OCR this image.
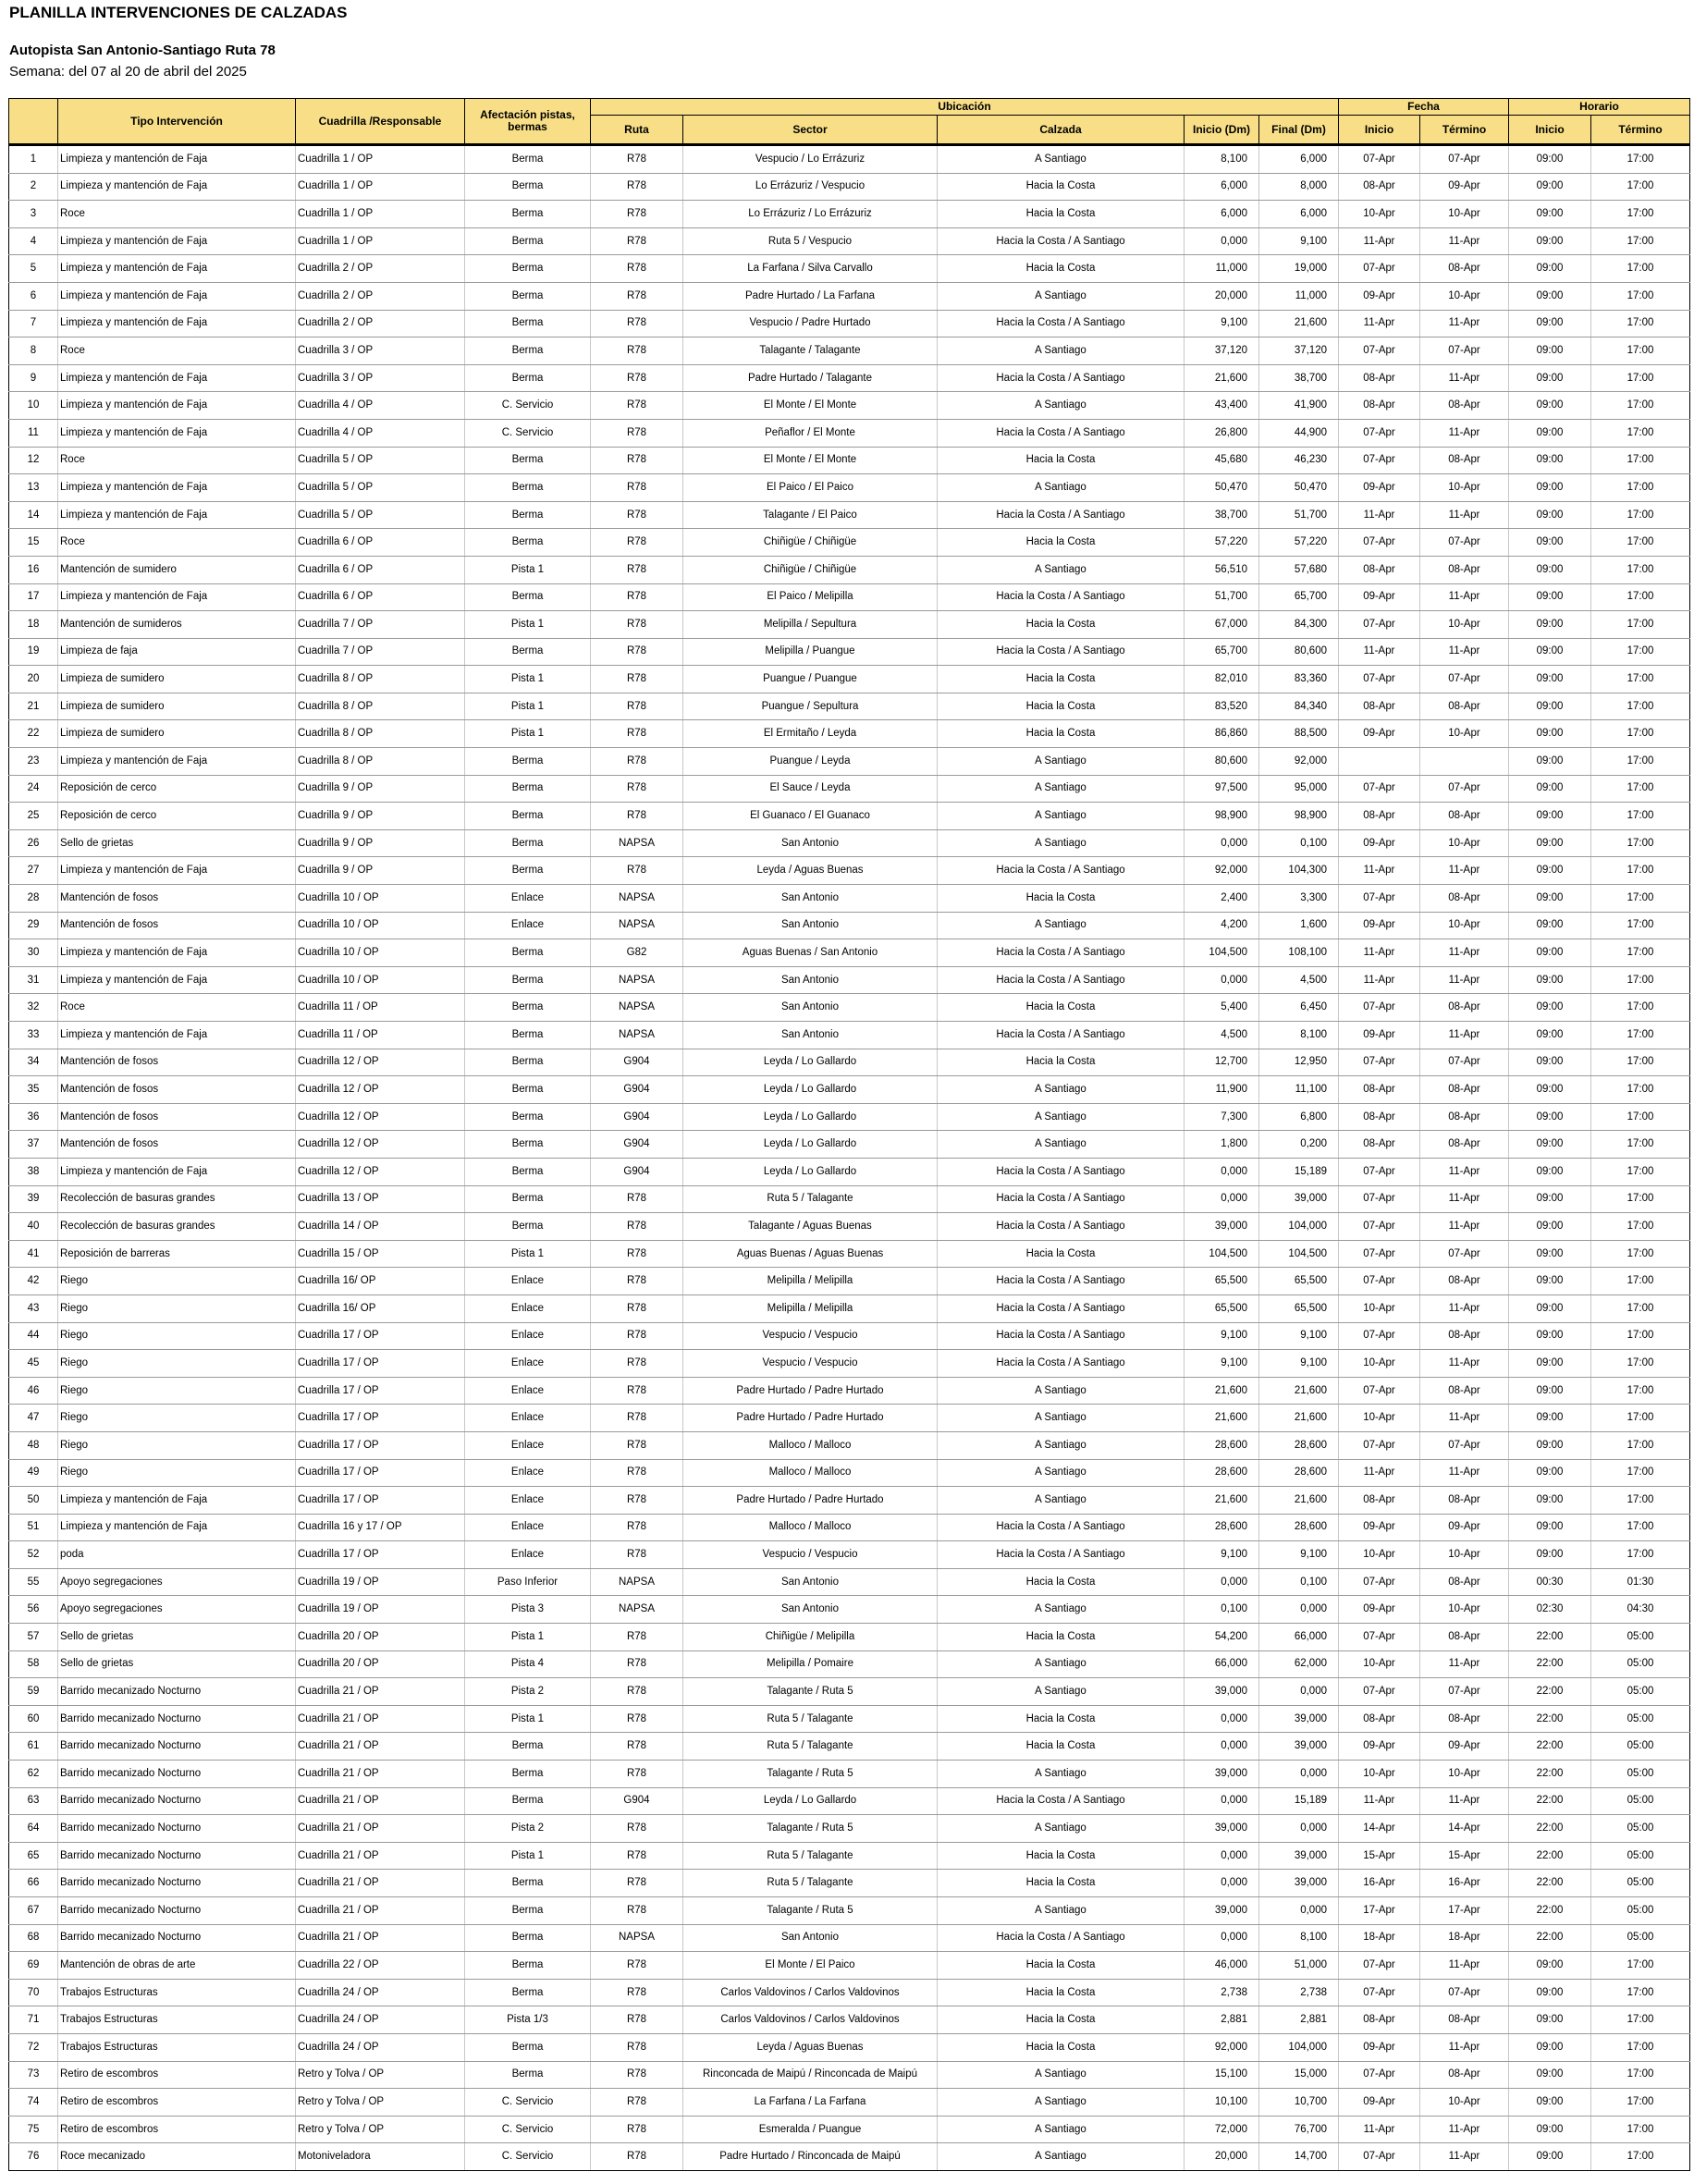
PLANILLA INTERVENCIONES DE CALZADAS
Autopista San Antonio-Santiago Ruta 78
Semana: del 07 al 20 de abril del 2025
	Tipo Intervención	Cuadrilla /Responsable	Afectación pistas, bermas	Ubicación					Fecha		Horario	
				Ruta	Sector	Calzada	Inicio (Dm)	Final (Dm)	Inicio	Término	Inicio	Término
1	Limpieza y mantención de Faja	Cuadrilla 1 / OP	Berma	R78	Vespucio / Lo Errázuriz	A Santiago	8,100	6,000	07-Apr	07-Apr	09:00	17:00
2	Limpieza y mantención de Faja	Cuadrilla 1 / OP	Berma	R78	Lo Errázuriz / Vespucio	Hacia la Costa	6,000	8,000	08-Apr	09-Apr	09:00	17:00
3	Roce	Cuadrilla 1 / OP	Berma	R78	Lo Errázuriz / Lo Errázuriz	Hacia la Costa	6,000	6,000	10-Apr	10-Apr	09:00	17:00
4	Limpieza y mantención de Faja	Cuadrilla 1 / OP	Berma	R78	Ruta 5 / Vespucio	Hacia la Costa / A Santiago	0,000	9,100	11-Apr	11-Apr	09:00	17:00
5	Limpieza y mantención de Faja	Cuadrilla 2 / OP	Berma	R78	La Farfana / Silva Carvallo	Hacia la Costa	11,000	19,000	07-Apr	08-Apr	09:00	17:00
6	Limpieza y mantención de Faja	Cuadrilla 2 / OP	Berma	R78	Padre Hurtado / La Farfana	A Santiago	20,000	11,000	09-Apr	10-Apr	09:00	17:00
7	Limpieza y mantención de Faja	Cuadrilla 2 / OP	Berma	R78	Vespucio / Padre Hurtado	Hacia la Costa / A Santiago	9,100	21,600	11-Apr	11-Apr	09:00	17:00
8	Roce	Cuadrilla 3 / OP	Berma	R78	Talagante / Talagante	A Santiago	37,120	37,120	07-Apr	07-Apr	09:00	17:00
9	Limpieza y mantención de Faja	Cuadrilla 3 / OP	Berma	R78	Padre Hurtado / Talagante	Hacia la Costa / A Santiago	21,600	38,700	08-Apr	11-Apr	09:00	17:00
10	Limpieza y mantención de Faja	Cuadrilla 4 / OP	C. Servicio	R78	El Monte / El Monte	A Santiago	43,400	41,900	08-Apr	08-Apr	09:00	17:00
11	Limpieza y mantención de Faja	Cuadrilla 4 / OP	C. Servicio	R78	Peñaflor / El Monte	Hacia la Costa / A Santiago	26,800	44,900	07-Apr	11-Apr	09:00	17:00
12	Roce	Cuadrilla 5 / OP	Berma	R78	El Monte / El Monte	Hacia la Costa	45,680	46,230	07-Apr	08-Apr	09:00	17:00
13	Limpieza y mantención de Faja	Cuadrilla 5 / OP	Berma	R78	El Paico / El Paico	A Santiago	50,470	50,470	09-Apr	10-Apr	09:00	17:00
14	Limpieza y mantención de Faja	Cuadrilla 5 / OP	Berma	R78	Talagante / El Paico	Hacia la Costa / A Santiago	38,700	51,700	11-Apr	11-Apr	09:00	17:00
15	Roce	Cuadrilla 6 / OP	Berma	R78	Chiñigüe / Chiñigüe	Hacia la Costa	57,220	57,220	07-Apr	07-Apr	09:00	17:00
16	Mantención de sumidero	Cuadrilla 6 / OP	Pista 1	R78	Chiñigüe / Chiñigüe	A Santiago	56,510	57,680	08-Apr	08-Apr	09:00	17:00
17	Limpieza y mantención de Faja	Cuadrilla 6 / OP	Berma	R78	El Paico / Melipilla	Hacia la Costa / A Santiago	51,700	65,700	09-Apr	11-Apr	09:00	17:00
18	Mantención de sumideros	Cuadrilla 7 / OP	Pista 1	R78	Melipilla / Sepultura	Hacia la Costa	67,000	84,300	07-Apr	10-Apr	09:00	17:00
19	Limpieza de faja	Cuadrilla 7 / OP	Berma	R78	Melipilla / Puangue	Hacia la Costa / A Santiago	65,700	80,600	11-Apr	11-Apr	09:00	17:00
20	Limpieza de sumidero	Cuadrilla 8 / OP	Pista 1	R78	Puangue / Puangue	Hacia la Costa	82,010	83,360	07-Apr	07-Apr	09:00	17:00
21	Limpieza de sumidero	Cuadrilla 8 / OP	Pista 1	R78	Puangue / Sepultura	Hacia la Costa	83,520	84,340	08-Apr	08-Apr	09:00	17:00
22	Limpieza de sumidero	Cuadrilla 8 / OP	Pista 1	R78	El Ermitaño / Leyda	Hacia la Costa	86,860	88,500	09-Apr	10-Apr	09:00	17:00
23	Limpieza y mantención de Faja	Cuadrilla 8 / OP	Berma	R78	Puangue / Leyda	A Santiago	80,600	92,000			09:00	17:00
24	Reposición de cerco	Cuadrilla 9 / OP	Berma	R78	El Sauce / Leyda	A Santiago	97,500	95,000	07-Apr	07-Apr	09:00	17:00
25	Reposición de cerco	Cuadrilla 9 / OP	Berma	R78	El Guanaco / El Guanaco	A Santiago	98,900	98,900	08-Apr	08-Apr	09:00	17:00
26	Sello de grietas	Cuadrilla 9 / OP	Berma	NAPSA	San Antonio	A Santiago	0,000	0,100	09-Apr	10-Apr	09:00	17:00
27	Limpieza y mantención de Faja	Cuadrilla 9 / OP	Berma	R78	Leyda / Aguas Buenas	Hacia la Costa / A Santiago	92,000	104,300	11-Apr	11-Apr	09:00	17:00
28	Mantención de fosos	Cuadrilla 10 / OP	Enlace	NAPSA	San Antonio	Hacia la Costa	2,400	3,300	07-Apr	08-Apr	09:00	17:00
29	Mantención de fosos	Cuadrilla 10 / OP	Enlace	NAPSA	San Antonio	A Santiago	4,200	1,600	09-Apr	10-Apr	09:00	17:00
30	Limpieza y mantención de Faja	Cuadrilla 10 / OP	Berma	G82	Aguas Buenas / San Antonio	Hacia la Costa / A Santiago	104,500	108,100	11-Apr	11-Apr	09:00	17:00
31	Limpieza y mantención de Faja	Cuadrilla 10 / OP	Berma	NAPSA	San Antonio	Hacia la Costa / A Santiago	0,000	4,500	11-Apr	11-Apr	09:00	17:00
32	Roce	Cuadrilla 11 / OP	Berma	NAPSA	San Antonio	Hacia la Costa	5,400	6,450	07-Apr	08-Apr	09:00	17:00
33	Limpieza y mantención de Faja	Cuadrilla 11 / OP	Berma	NAPSA	San Antonio	Hacia la Costa / A Santiago	4,500	8,100	09-Apr	11-Apr	09:00	17:00
34	Mantención de fosos	Cuadrilla 12 / OP	Berma	G904	Leyda / Lo Gallardo	Hacia la Costa	12,700	12,950	07-Apr	07-Apr	09:00	17:00
35	Mantención de fosos	Cuadrilla 12 / OP	Berma	G904	Leyda / Lo Gallardo	A Santiago	11,900	11,100	08-Apr	08-Apr	09:00	17:00
36	Mantención de fosos	Cuadrilla 12 / OP	Berma	G904	Leyda / Lo Gallardo	A Santiago	7,300	6,800	08-Apr	08-Apr	09:00	17:00
37	Mantención de fosos	Cuadrilla 12 / OP	Berma	G904	Leyda / Lo Gallardo	A Santiago	1,800	0,200	08-Apr	08-Apr	09:00	17:00
38	Limpieza y mantención de Faja	Cuadrilla 12 / OP	Berma	G904	Leyda / Lo Gallardo	Hacia la Costa / A Santiago	0,000	15,189	07-Apr	11-Apr	09:00	17:00
39	Recolección de basuras grandes	Cuadrilla 13 / OP	Berma	R78	Ruta 5 / Talagante	Hacia la Costa / A Santiago	0,000	39,000	07-Apr	11-Apr	09:00	17:00
40	Recolección de basuras grandes	Cuadrilla 14 / OP	Berma	R78	Talagante / Aguas Buenas	Hacia la Costa / A Santiago	39,000	104,000	07-Apr	11-Apr	09:00	17:00
41	Reposición de barreras	Cuadrilla 15 / OP	Pista 1	R78	Aguas Buenas / Aguas Buenas	Hacia la Costa	104,500	104,500	07-Apr	07-Apr	09:00	17:00
42	Riego	Cuadrilla 16/ OP	Enlace	R78	Melipilla / Melipilla	Hacia la Costa / A Santiago	65,500	65,500	07-Apr	08-Apr	09:00	17:00
43	Riego	Cuadrilla 16/ OP	Enlace	R78	Melipilla / Melipilla	Hacia la Costa / A Santiago	65,500	65,500	10-Apr	11-Apr	09:00	17:00
44	Riego	Cuadrilla 17 / OP	Enlace	R78	Vespucio / Vespucio	Hacia la Costa / A Santiago	9,100	9,100	07-Apr	08-Apr	09:00	17:00
45	Riego	Cuadrilla 17 / OP	Enlace	R78	Vespucio / Vespucio	Hacia la Costa / A Santiago	9,100	9,100	10-Apr	11-Apr	09:00	17:00
46	Riego	Cuadrilla 17 / OP	Enlace	R78	Padre Hurtado / Padre Hurtado	A Santiago	21,600	21,600	07-Apr	08-Apr	09:00	17:00
47	Riego	Cuadrilla 17 / OP	Enlace	R78	Padre Hurtado / Padre Hurtado	A Santiago	21,600	21,600	10-Apr	11-Apr	09:00	17:00
48	Riego	Cuadrilla 17 / OP	Enlace	R78	Malloco / Malloco	A Santiago	28,600	28,600	07-Apr	07-Apr	09:00	17:00
49	Riego	Cuadrilla 17 / OP	Enlace	R78	Malloco / Malloco	A Santiago	28,600	28,600	11-Apr	11-Apr	09:00	17:00
50	Limpieza y mantención de Faja	Cuadrilla 17 / OP	Enlace	R78	Padre Hurtado / Padre Hurtado	A Santiago	21,600	21,600	08-Apr	08-Apr	09:00	17:00
51	Limpieza y mantención de Faja	Cuadrilla 16 y 17 / OP	Enlace	R78	Malloco / Malloco	Hacia la Costa / A Santiago	28,600	28,600	09-Apr	09-Apr	09:00	17:00
52	poda	Cuadrilla 17 / OP	Enlace	R78	Vespucio / Vespucio	Hacia la Costa / A Santiago	9,100	9,100	10-Apr	10-Apr	09:00	17:00
55	Apoyo segregaciones	Cuadrilla 19 / OP	Paso Inferior	NAPSA	San Antonio	Hacia la Costa	0,000	0,100	07-Apr	08-Apr	00:30	01:30
56	Apoyo segregaciones	Cuadrilla 19 / OP	Pista 3	NAPSA	San Antonio	A Santiago	0,100	0,000	09-Apr	10-Apr	02:30	04:30
57	Sello de grietas	Cuadrilla 20 / OP	Pista 1	R78	Chiñigüe / Melipilla	Hacia la Costa	54,200	66,000	07-Apr	08-Apr	22:00	05:00
58	Sello de grietas	Cuadrilla 20 / OP	Pista 4	R78	Melipilla / Pomaire	A Santiago	66,000	62,000	10-Apr	11-Apr	22:00	05:00
59	Barrido mecanizado Nocturno	Cuadrilla 21 / OP	Pista 2	R78	Talagante / Ruta 5	A Santiago	39,000	0,000	07-Apr	07-Apr	22:00	05:00
60	Barrido mecanizado Nocturno	Cuadrilla 21 / OP	Pista 1	R78	Ruta 5 / Talagante	Hacia la Costa	0,000	39,000	08-Apr	08-Apr	22:00	05:00
61	Barrido mecanizado Nocturno	Cuadrilla 21 / OP	Berma	R78	Ruta 5 / Talagante	Hacia la Costa	0,000	39,000	09-Apr	09-Apr	22:00	05:00
62	Barrido mecanizado Nocturno	Cuadrilla 21 / OP	Berma	R78	Talagante / Ruta 5	A Santiago	39,000	0,000	10-Apr	10-Apr	22:00	05:00
63	Barrido mecanizado Nocturno	Cuadrilla 21 / OP	Berma	G904	Leyda / Lo Gallardo	Hacia la Costa / A Santiago	0,000	15,189	11-Apr	11-Apr	22:00	05:00
64	Barrido mecanizado Nocturno	Cuadrilla 21 / OP	Pista 2	R78	Talagante / Ruta 5	A Santiago	39,000	0,000	14-Apr	14-Apr	22:00	05:00
65	Barrido mecanizado Nocturno	Cuadrilla 21 / OP	Pista 1	R78	Ruta 5 / Talagante	Hacia la Costa	0,000	39,000	15-Apr	15-Apr	22:00	05:00
66	Barrido mecanizado Nocturno	Cuadrilla 21 / OP	Berma	R78	Ruta 5 / Talagante	Hacia la Costa	0,000	39,000	16-Apr	16-Apr	22:00	05:00
67	Barrido mecanizado Nocturno	Cuadrilla 21 / OP	Berma	R78	Talagante / Ruta 5	A Santiago	39,000	0,000	17-Apr	17-Apr	22:00	05:00
68	Barrido mecanizado Nocturno	Cuadrilla 21 / OP	Berma	NAPSA	San Antonio	Hacia la Costa / A Santiago	0,000	8,100	18-Apr	18-Apr	22:00	05:00
69	Mantención de obras de arte	Cuadrilla 22 / OP	Berma	R78	El Monte / El Paico	Hacia la Costa	46,000	51,000	07-Apr	11-Apr	09:00	17:00
70	Trabajos Estructuras	Cuadrilla 24 / OP	Berma	R78	Carlos Valdovinos / Carlos Valdovinos	Hacia la Costa	2,738	2,738	07-Apr	07-Apr	09:00	17:00
71	Trabajos Estructuras	Cuadrilla 24 / OP	Pista 1/3	R78	Carlos Valdovinos / Carlos Valdovinos	Hacia la Costa	2,881	2,881	08-Apr	08-Apr	09:00	17:00
72	Trabajos Estructuras	Cuadrilla 24 / OP	Berma	R78	Leyda / Aguas Buenas	Hacia la Costa	92,000	104,000	09-Apr	11-Apr	09:00	17:00
73	Retiro de escombros	Retro y Tolva / OP	Berma	R78	Rinconcada de Maipú / Rinconcada de Maipú	A Santiago	15,100	15,000	07-Apr	08-Apr	09:00	17:00
74	Retiro de escombros	Retro y Tolva / OP	C. Servicio	R78	La Farfana / La Farfana	A Santiago	10,100	10,700	09-Apr	10-Apr	09:00	17:00
75	Retiro de escombros	Retro y Tolva / OP	C. Servicio	R78	Esmeralda / Puangue	A Santiago	72,000	76,700	11-Apr	11-Apr	09:00	17:00
76	Roce mecanizado	Motoniveladora	C. Servicio	R78	Padre Hurtado / Rinconcada de Maipú	A Santiago	20,000	14,700	07-Apr	11-Apr	09:00	17:00
